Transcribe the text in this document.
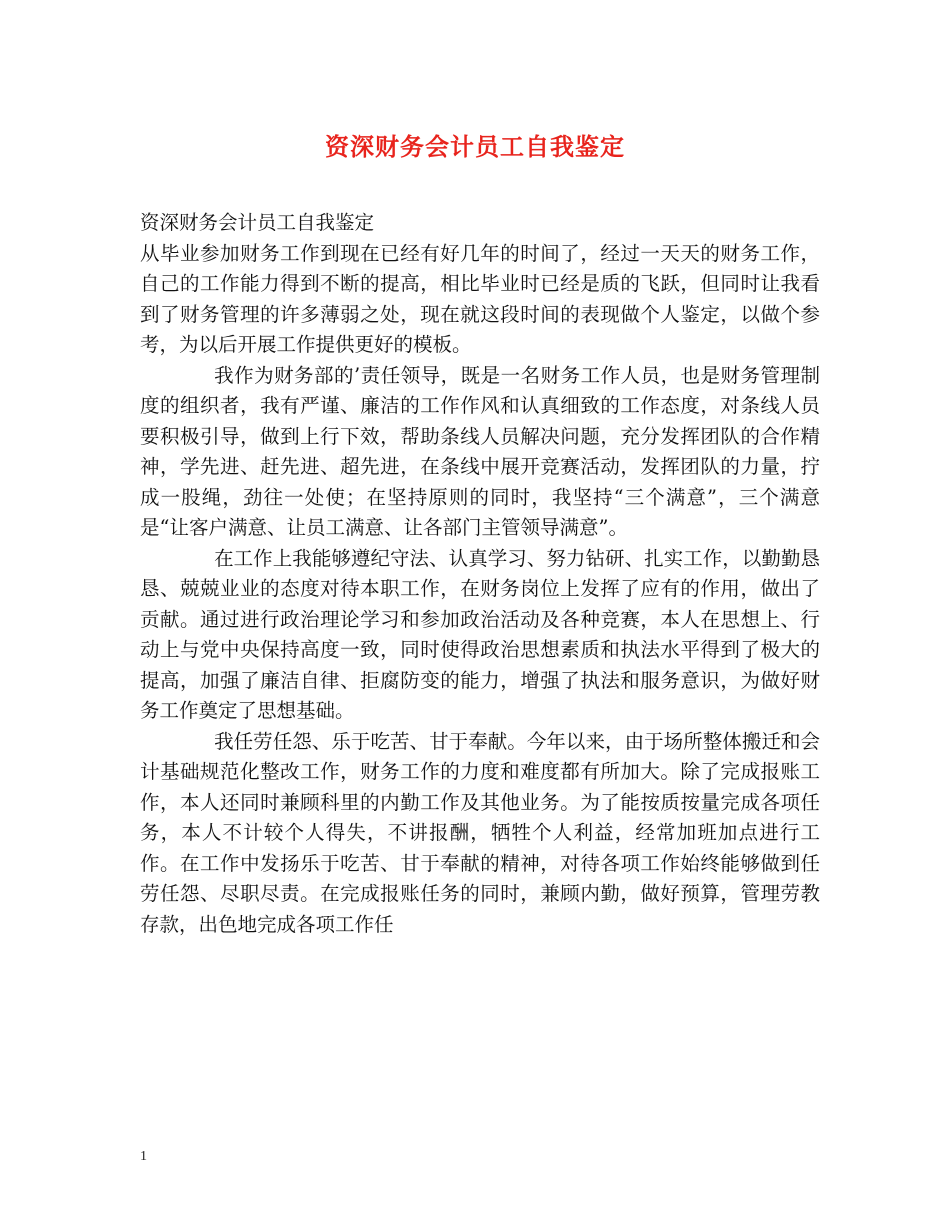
资深财务会计员工自我鉴定

资深财务会计员工自我鉴定

从毕业参加财务工作到现在已经有好几年的时间了，经过一天天的财务工作，自己的工作能力得到不断的提高，相比毕业时已经是质的飞跃，但同时让我看到了财务管理的许多薄弱之处，现在就这段时间的表现做个人鉴定，以做个参考，为以后开展工作提供更好的模板。

我作为财务部的’责任领导，既是一名财务工作人员，也是财务管理制度的组织者，我有严谨、廉洁的工作作风和认真细致的工作态度，对条线人员要积极引导，做到上行下效，帮助条线人员解决问题，充分发挥团队的合作精神，学先进、赶先进、超先进，在条线中展开竞赛活动，发挥团队的力量，拧成一股绳，劲往一处使；在坚持原则的同时，我坚持“三个满意”，三个满意是“让客户满意、让员工满意、让各部门主管领导满意”。

在工作上我能够遵纪守法、认真学习、努力钻研、扎实工作，以勤勤恳恳、兢兢业业的态度对待本职工作，在财务岗位上发挥了应有的作用，做出了贡献。通过进行政治理论学习和参加政治活动及各种竞赛，本人在思想上、行动上与党中央保持高度一致，同时使得政治思想素质和执法水平得到了极大的提高，加强了廉洁自律、拒腐防变的能力，增强了执法和服务意识，为做好财务工作奠定了思想基础。

我任劳任怨、乐于吃苦、甘于奉献。今年以来，由于场所整体搬迁和会计基础规范化整改工作，财务工作的力度和难度都有所加大。除了完成报账工作，本人还同时兼顾科里的内勤工作及其他业务。为了能按质按量完成各项任务，本人不计较个人得失，不讲报酬，牺牲个人利益，经常加班加点进行工作。在工作中发扬乐于吃苦、甘于奉献的精神，对待各项工作始终能够做到任劳任怨、尽职尽责。在完成报账任务的同时，兼顾内勤，做好预算，管理劳教存款，出色地完成各项工作任

1
